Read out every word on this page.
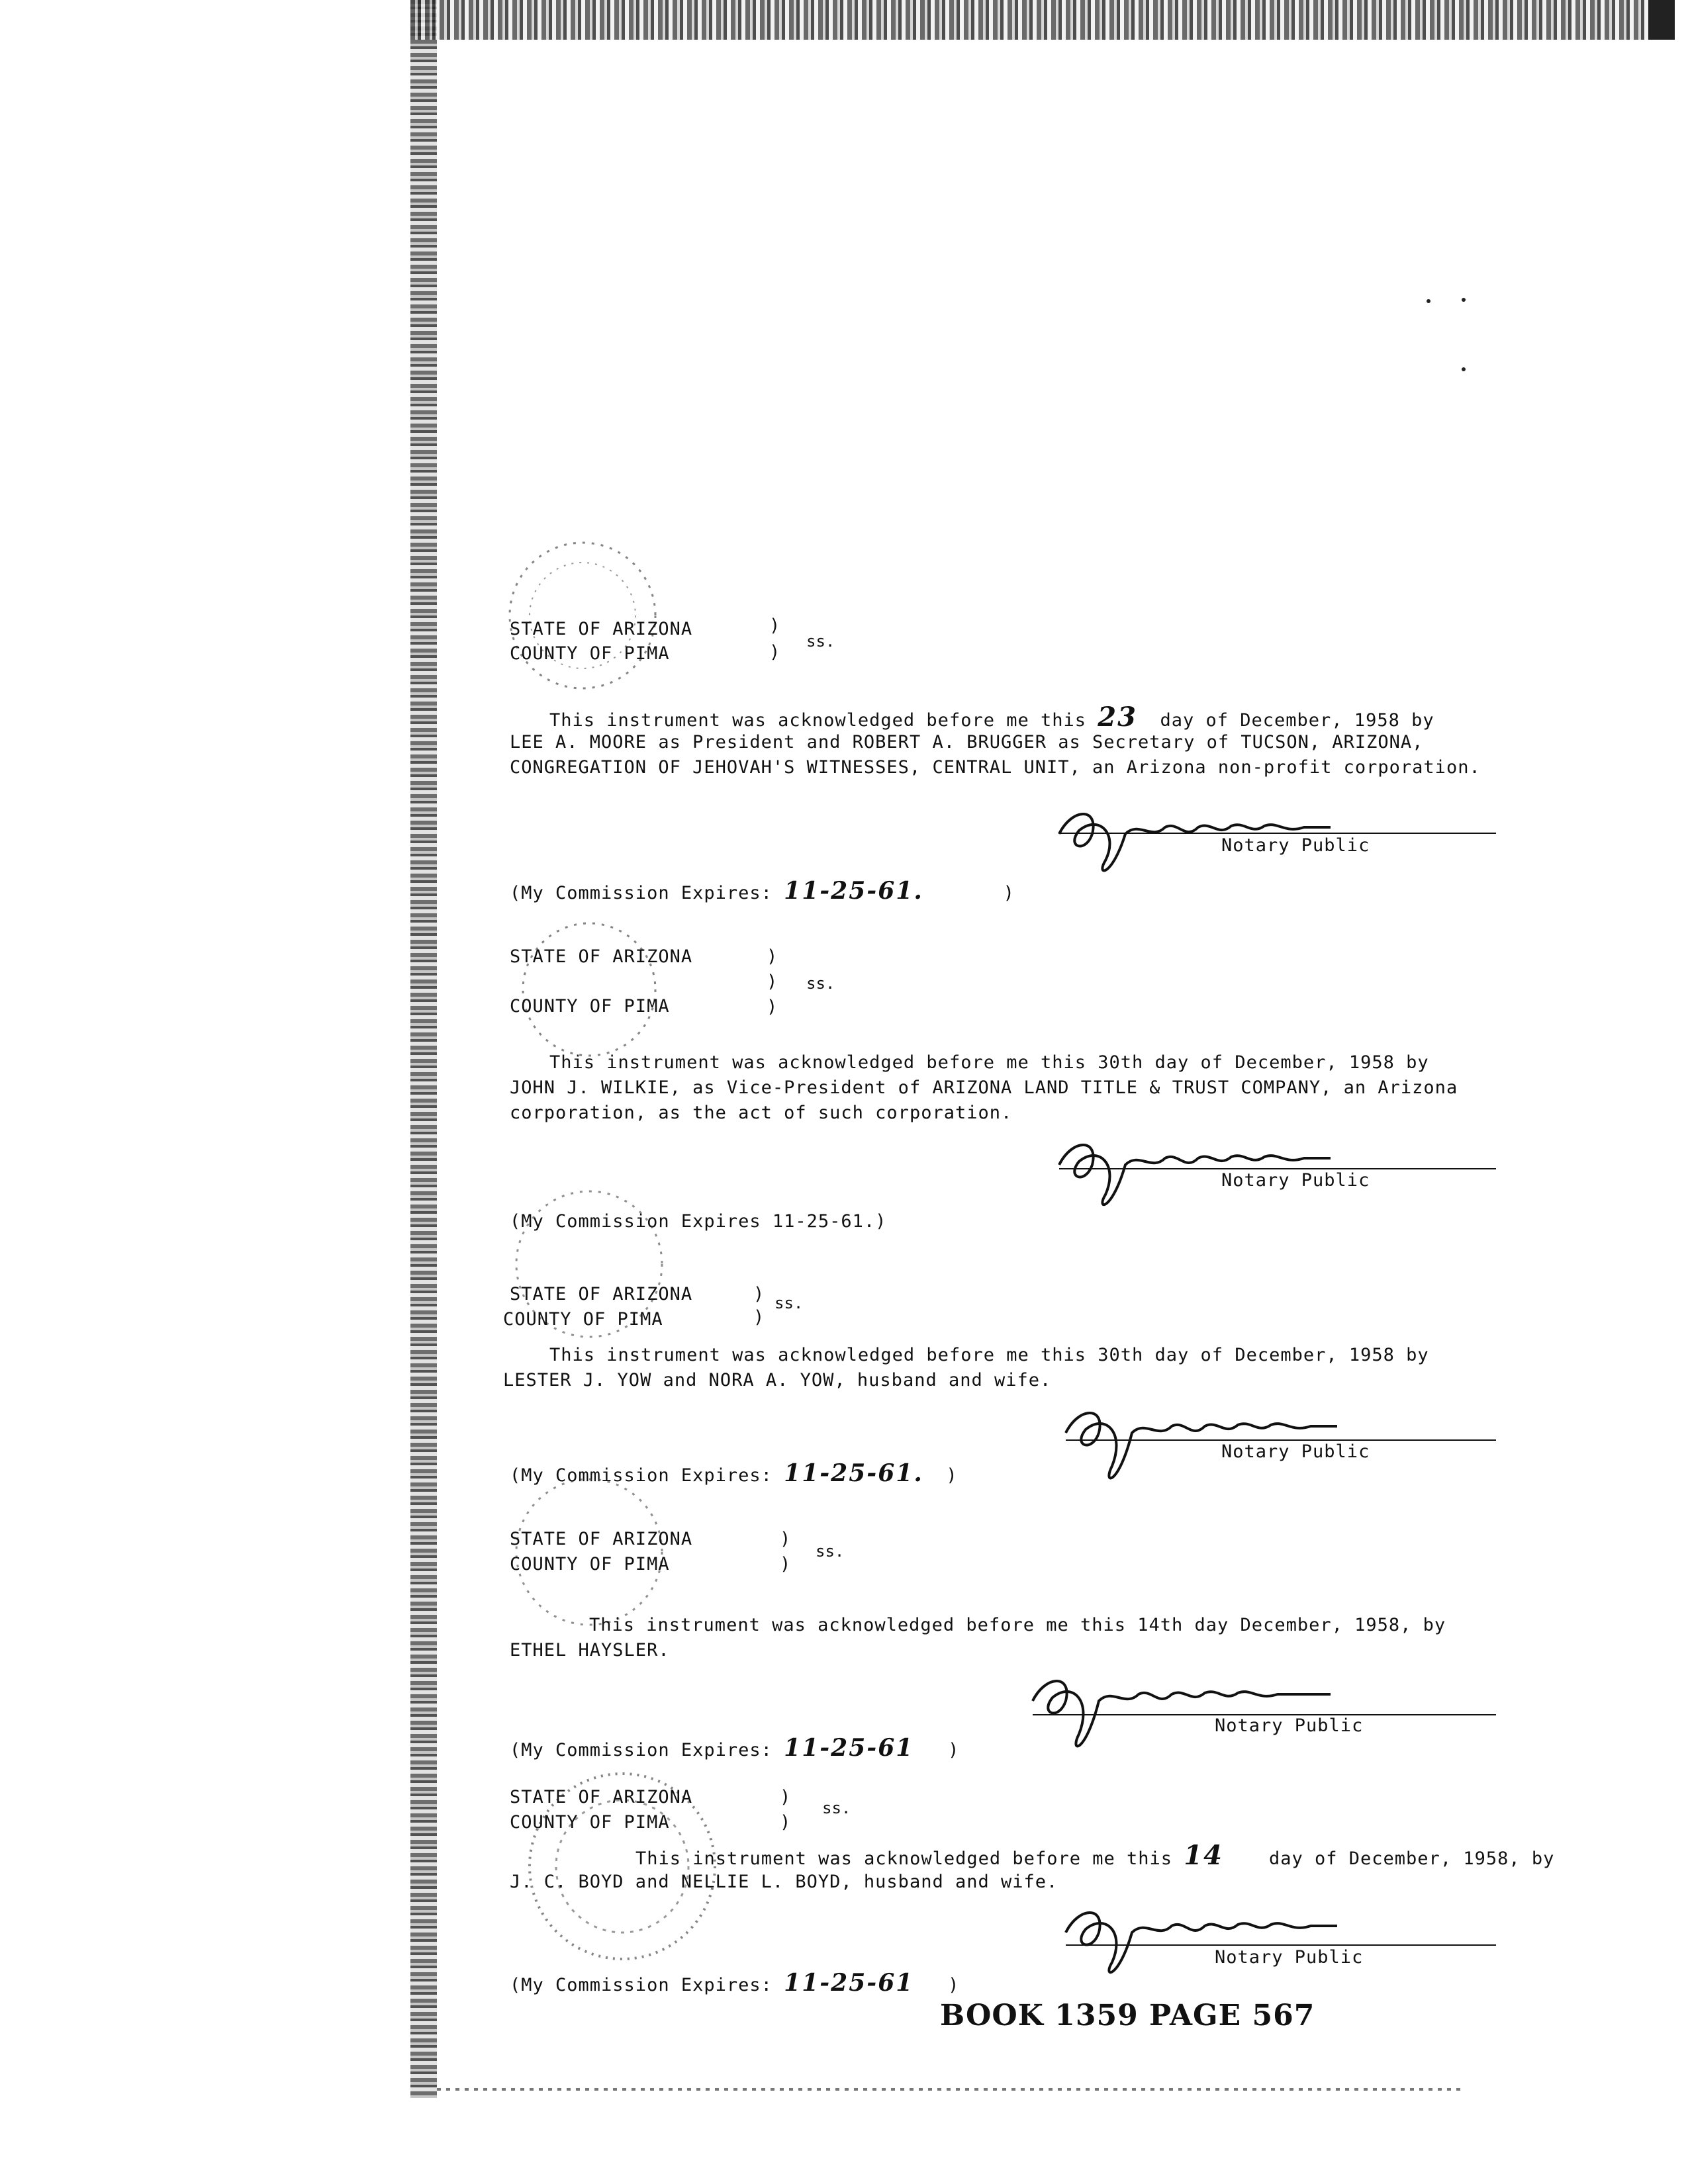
STATE OF ARIZONA
COUNTY OF PIMA
)
)
ss.
This instrument was acknowledged before me this 23 day of December, 1958 by
LEE A. MOORE as President and ROBERT A. BRUGGER as Secretary of TUCSON, ARIZONA,
CONGREGATION OF JEHOVAH'S WITNESSES, CENTRAL UNIT, an Arizona non-profit corporation.
Notary Public
(My Commission Expires: 11-25-61.	)
STATE OF ARIZONA
COUNTY OF PIMA
)
)
)
ss.
This instrument was acknowledged before me this 30th day of December, 1958 by
JOHN J. WILKIE, as Vice-President of ARIZONA LAND TITLE & TRUST COMPANY, an Arizona
corporation, as the act of such corporation.
Notary Public
(My Commission Expires 11-25-61.)
STATE OF ARIZONA
COUNTY OF PIMA
)
)
ss.
This instrument was acknowledged before me this 30th day of December, 1958 by
LESTER J. YOW and NORA A. YOW, husband and wife.
Notary Public
(My Commission Expires: 11-25-61. )
STATE OF ARIZONA
COUNTY OF PIMA
)
)
ss.
This instrument was acknowledged before me this 14th day December, 1958, by
ETHEL HAYSLER.
Notary Public
(My Commission Expires: 11-25-61 )
STATE OF ARIZONA
COUNTY OF PIMA
)
)
ss.
This instrument was acknowledged before me this 14	day of December, 1958, by
J. C. BOYD and NELLIE L. BOYD, husband and wife.
Notary Public
(My Commission Expires: 11-25-61 )
BOOK 1359 PAGE 567
